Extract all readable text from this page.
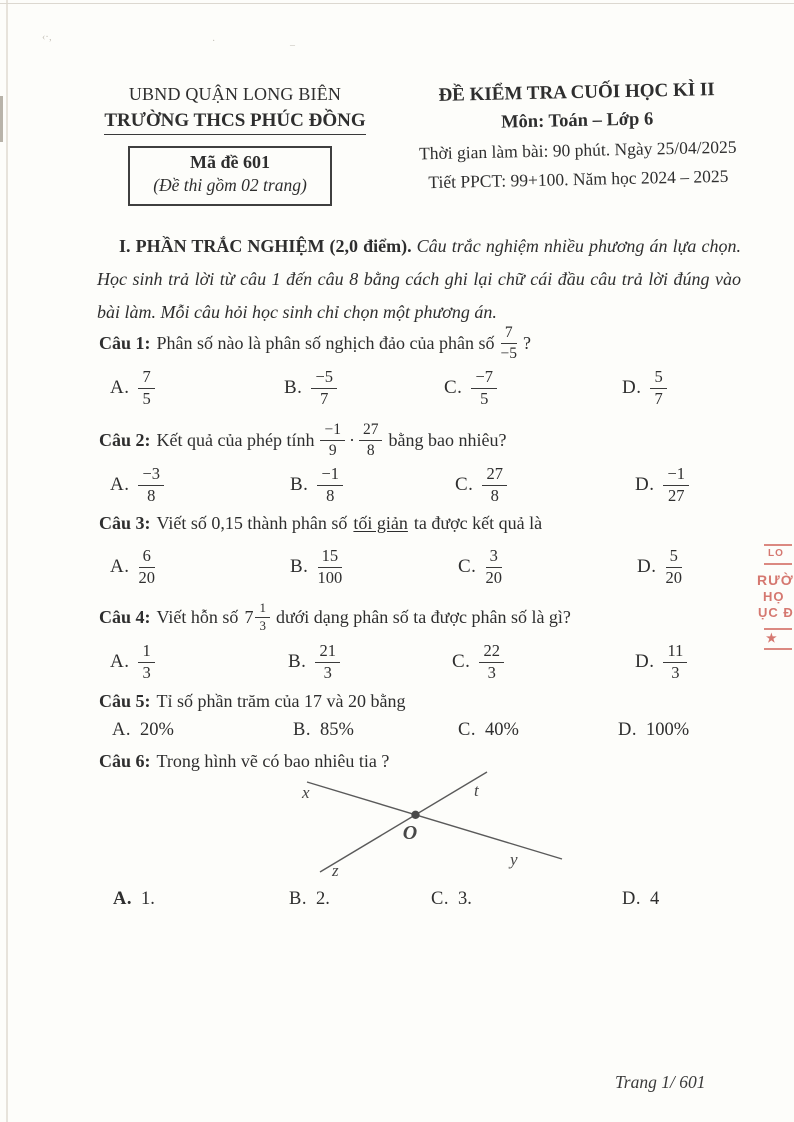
‹·‚	·	–
UBND QUẬN LONG BIÊN
TRƯỜNG THCS PHÚC ĐỒNG
Mã đề 601
(Đề thi gồm 02 trang)
ĐỀ KIỂM TRA CUỐI HỌC KÌ II
Môn: Toán – Lớp 6
Thời gian làm bài: 90 phút. Ngày 25/04/2025
Tiết PPCT: 99+100. Năm học 2024 – 2025
I. PHẦN TRẮC NGHIỆM (2,0 điểm). Câu trắc nghiệm nhiều phương án lựa chọn. Học sinh trả lời từ câu 1 đến câu 8 bằng cách ghi lại chữ cái đầu câu trả lời đúng vào bài làm. Mỗi câu hỏi học sinh chỉ chọn một phương án.
Câu 1: Phân số nào là phân số nghịch đảo của phân số $\frac{7}{-5}$ ?
A. $\frac{7}{5}$	B. $\frac{-5}{7}$	C. $\frac{-7}{5}$	D. $\frac{5}{7}$
Câu 2: Kết quả của phép tính $\frac{-1}{9} \cdot \frac{27}{8}$ bằng bao nhiêu?
A. $\frac{-3}{8}$	B. $\frac{-1}{8}$	C. $\frac{27}{8}$	D. $\frac{-1}{27}$
Câu 3: Viết số 0,15 thành phân số tối giản ta được kết quả là
A. $\frac{6}{20}$	B. $\frac{15}{100}$	C. $\frac{3}{20}$	D. $\frac{5}{20}$
Câu 4: Viết hỗn số $7 \frac{1}{3}$ dưới dạng phân số ta được phân số là gì?
A. $\frac{1}{3}$	B. $\frac{21}{3}$	C. $\frac{22}{3}$	D. $\frac{11}{3}$
Câu 5: Tỉ số phần trăm của 17 và 20 bằng
A. 20%	B. 85%	C. 40%	D. 100%
Câu 6: Trong hình vẽ có bao nhiêu tia ?
x	t
z
y
O
A. 1.	B. 2.	C. 3.	D. 4
LO
RƯỜ
HỌ
ỤC Đ
★
Trang 1/ 601
